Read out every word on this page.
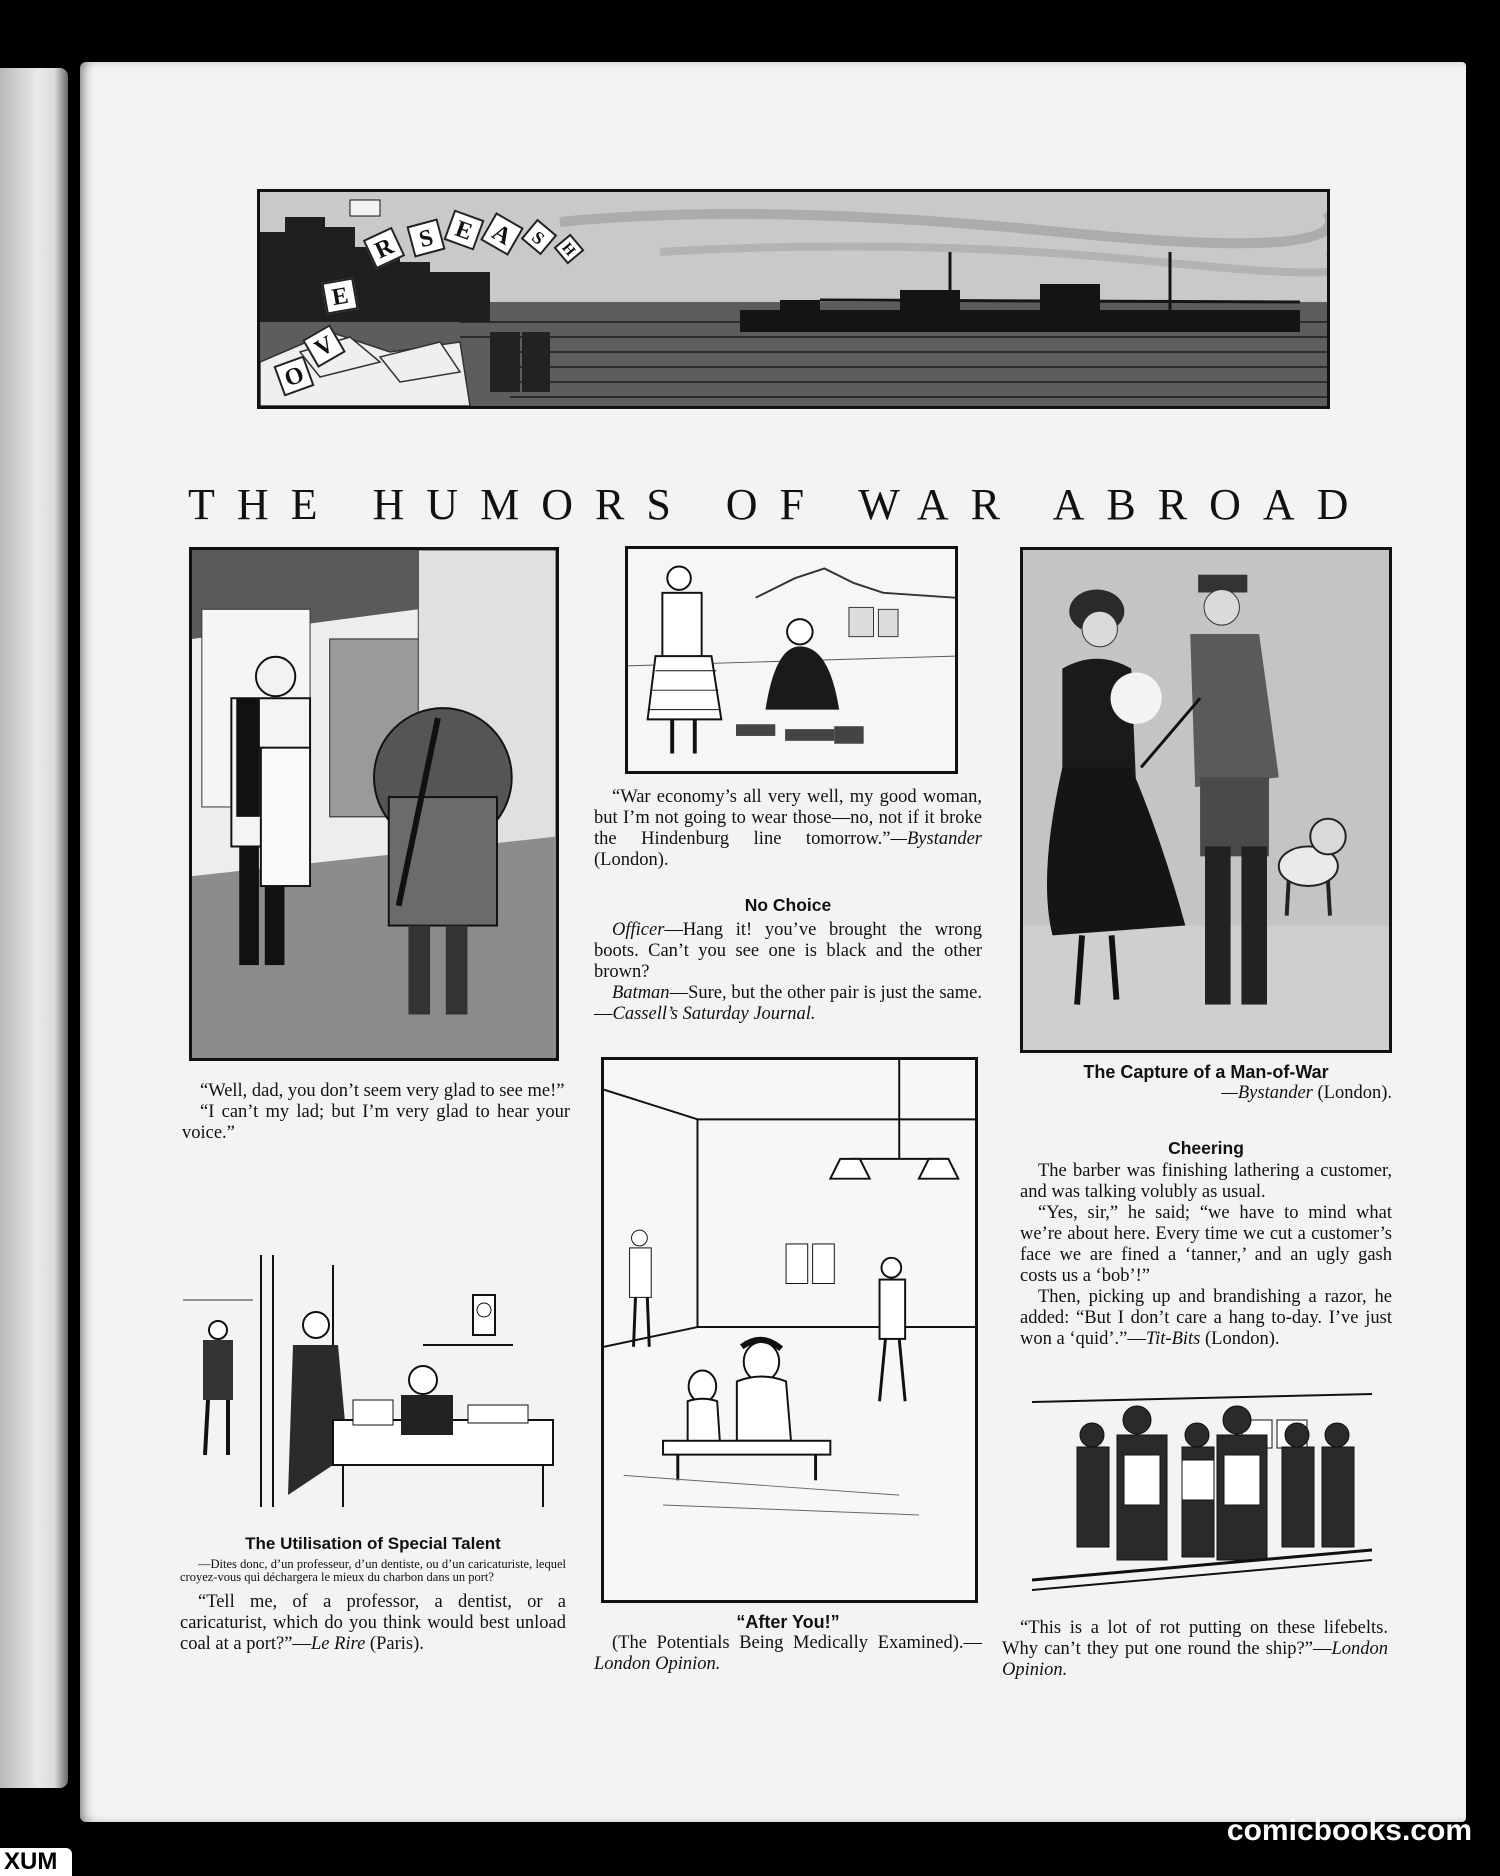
O
V
E
R S E A S
H
THE HUMORS OF WAR ABROAD

“Well, dad, you don’t seem very glad to see me!”

“I can’t my lad; but I’m very glad to hear your voice.”

“War economy’s all very well, my good woman, but I’m not going to wear those—no, not if it broke the Hindenburg line tomorrow.”—Bystander (London).

No Choice

Officer—Hang it! you’ve brought the wrong boots. Can’t you see one is black and the other brown?

Batman—Sure, but the other pair is just the same.—Cassell’s Saturday Journal.

The Capture of a Man-of-War

—Bystander (London).

Cheering

The barber was finishing lathering a customer, and was talking volubly as usual.

“Yes, sir,” he said; “we have to mind what we’re about here. Every time we cut a customer’s face we are fined a ‘tanner,’ and an ugly gash costs us a ‘bob’!”

Then, picking up and brandishing a razor, he added: “But I don’t care a hang to-day. I’ve just won a ‘quid’.”—Tit-Bits (London).

The Utilisation of Special Talent

—Dites donc, d’un professeur, d’un dentiste, ou d’un caricaturiste, lequel croyez-vous qui déchargera le mieux du charbon dans un port?

“Tell me, of a professor, a dentist, or a caricaturist, which do you think would best unload coal at a port?”—Le Rire (Paris).

“After You!”

(The Potentials Being Medically Examined).—London Opinion.

“This is a lot of rot putting on these lifebelts. Why can’t they put one round the ship?”—London Opinion.

XUM
comicbooks.com
